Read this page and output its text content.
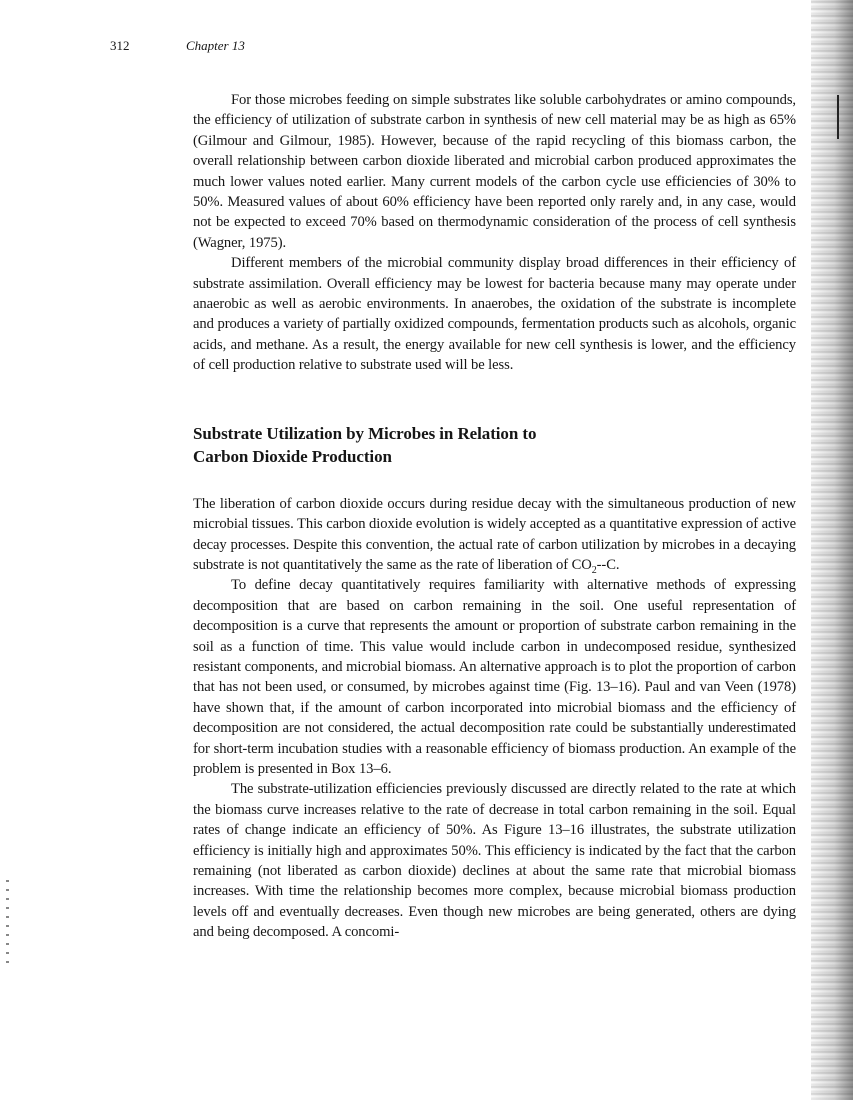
312	Chapter 13

For those microbes feeding on simple substrates like soluble carbohydrates or amino compounds, the efficiency of utilization of substrate carbon in synthesis of new cell material may be as high as 65% (Gilmour and Gilmour, 1985). However, because of the rapid recycling of this biomass carbon, the overall relationship between carbon dioxide liberated and microbial carbon produced approximates the much lower values noted earlier. Many current models of the carbon cycle use efficiencies of 30% to 50%. Measured values of about 60% efficiency have been reported only rarely and, in any case, would not be expected to exceed 70% based on thermodynamic consideration of the process of cell synthesis (Wagner, 1975).

Different members of the microbial community display broad differences in their efficiency of substrate assimilation. Overall efficiency may be lowest for bacteria because many may operate under anaerobic as well as aerobic environments. In anaerobes, the oxidation of the substrate is incomplete and produces a variety of partially oxidized compounds, fermentation products such as alcohols, organic acids, and methane. As a result, the energy available for new cell synthesis is lower, and the efficiency of cell production relative to substrate used will be less.

Substrate Utilization by Microbes in Relation to
Carbon Dioxide Production

The liberation of carbon dioxide occurs during residue decay with the simultaneous production of new microbial tissues. This carbon dioxide evolution is widely accepted as a quantitative expression of active decay processes. Despite this convention, the actual rate of carbon utilization by microbes in a decaying substrate is not quantitatively the same as the rate of liberation of $CO_2--C$.

To define decay quantitatively requires familiarity with alternative methods of expressing decomposition that are based on carbon remaining in the soil. One useful representation of decomposition is a curve that represents the amount or proportion of substrate carbon remaining in the soil as a function of time. This value would include carbon in undecomposed residue, synthesized resistant components, and microbial biomass. An alternative approach is to plot the proportion of carbon that has not been used, or consumed, by microbes against time (Fig. 13–16). Paul and van Veen (1978) have shown that, if the amount of carbon incorporated into microbial biomass and the efficiency of decomposition are not considered, the actual decomposition rate could be substantially underestimated for short-term incubation studies with a reasonable efficiency of biomass production. An example of the problem is presented in Box 13–6.

The substrate-utilization efficiencies previously discussed are directly related to the rate at which the biomass curve increases relative to the rate of decrease in total carbon remaining in the soil. Equal rates of change indicate an efficiency of 50%. As Figure 13–16 illustrates, the substrate utilization efficiency is initially high and approximates 50%. This efficiency is indicated by the fact that the carbon remaining (not liberated as carbon dioxide) declines at about the same rate that microbial biomass increases. With time the relationship becomes more complex, because microbial biomass production levels off and eventually decreases. Even though new microbes are being generated, others are dying and being decomposed. A concomi-
